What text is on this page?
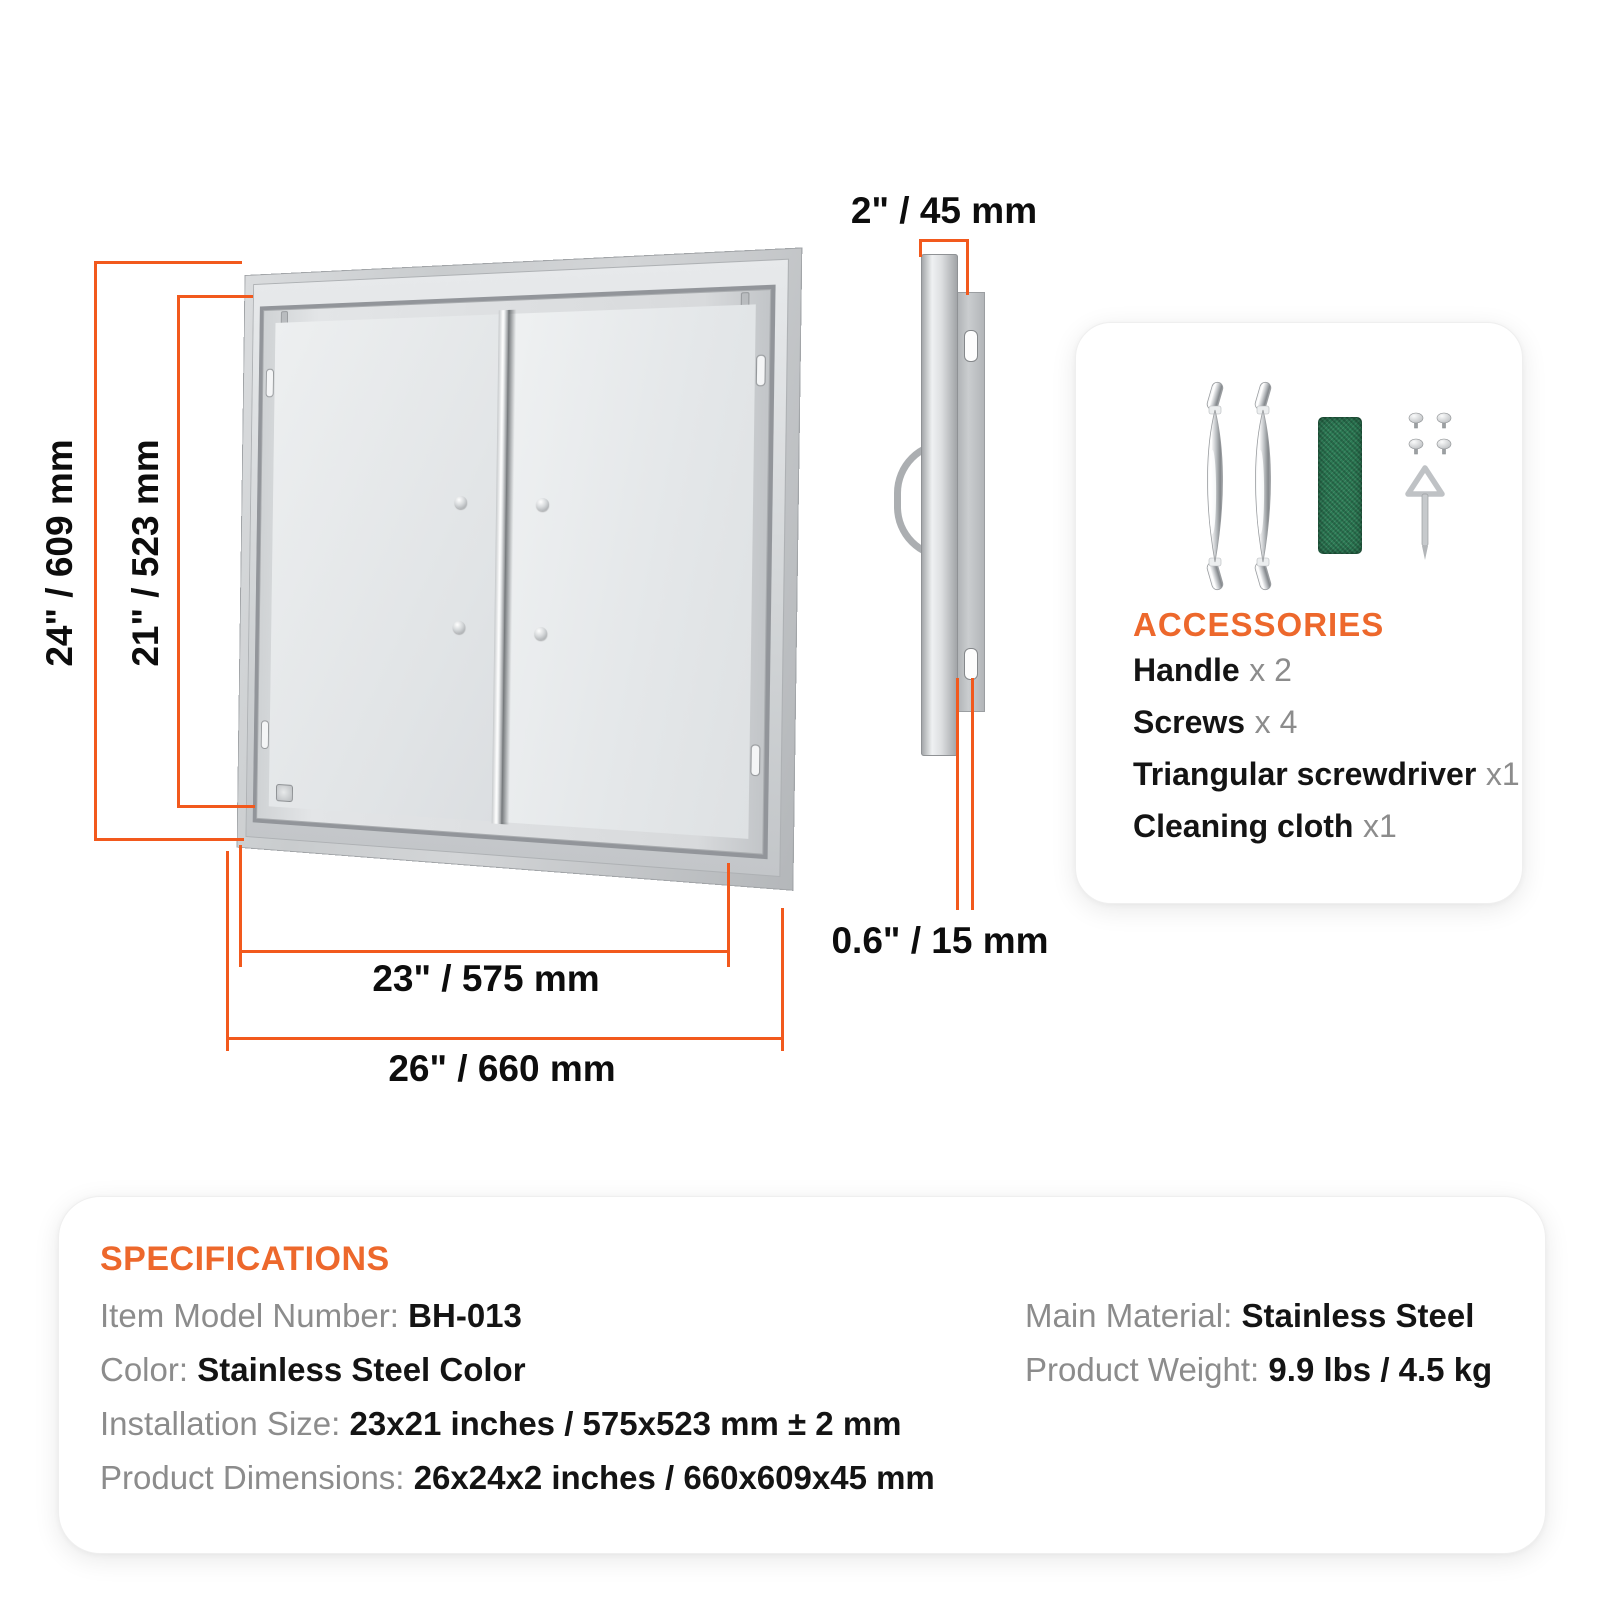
24" / 609 mm 21" / 523 mm
23" / 575 mm
26" / 660 mm
2" / 45 mm
0.6" / 15 mm
ACCESSORIES
Handle x 2
Screws x 4
Triangular screwdriver x1
Cleaning cloth x1
SPECIFICATIONS
Item Model Number: BH-013
Color: Stainless Steel Color
Installation Size: 23x21 inches / 575x523 mm ± 2 mm
Product Dimensions: 26x24x2 inches / 660x609x45 mm
Main Material: Stainless Steel
Product Weight: 9.9 lbs / 4.5 kg
